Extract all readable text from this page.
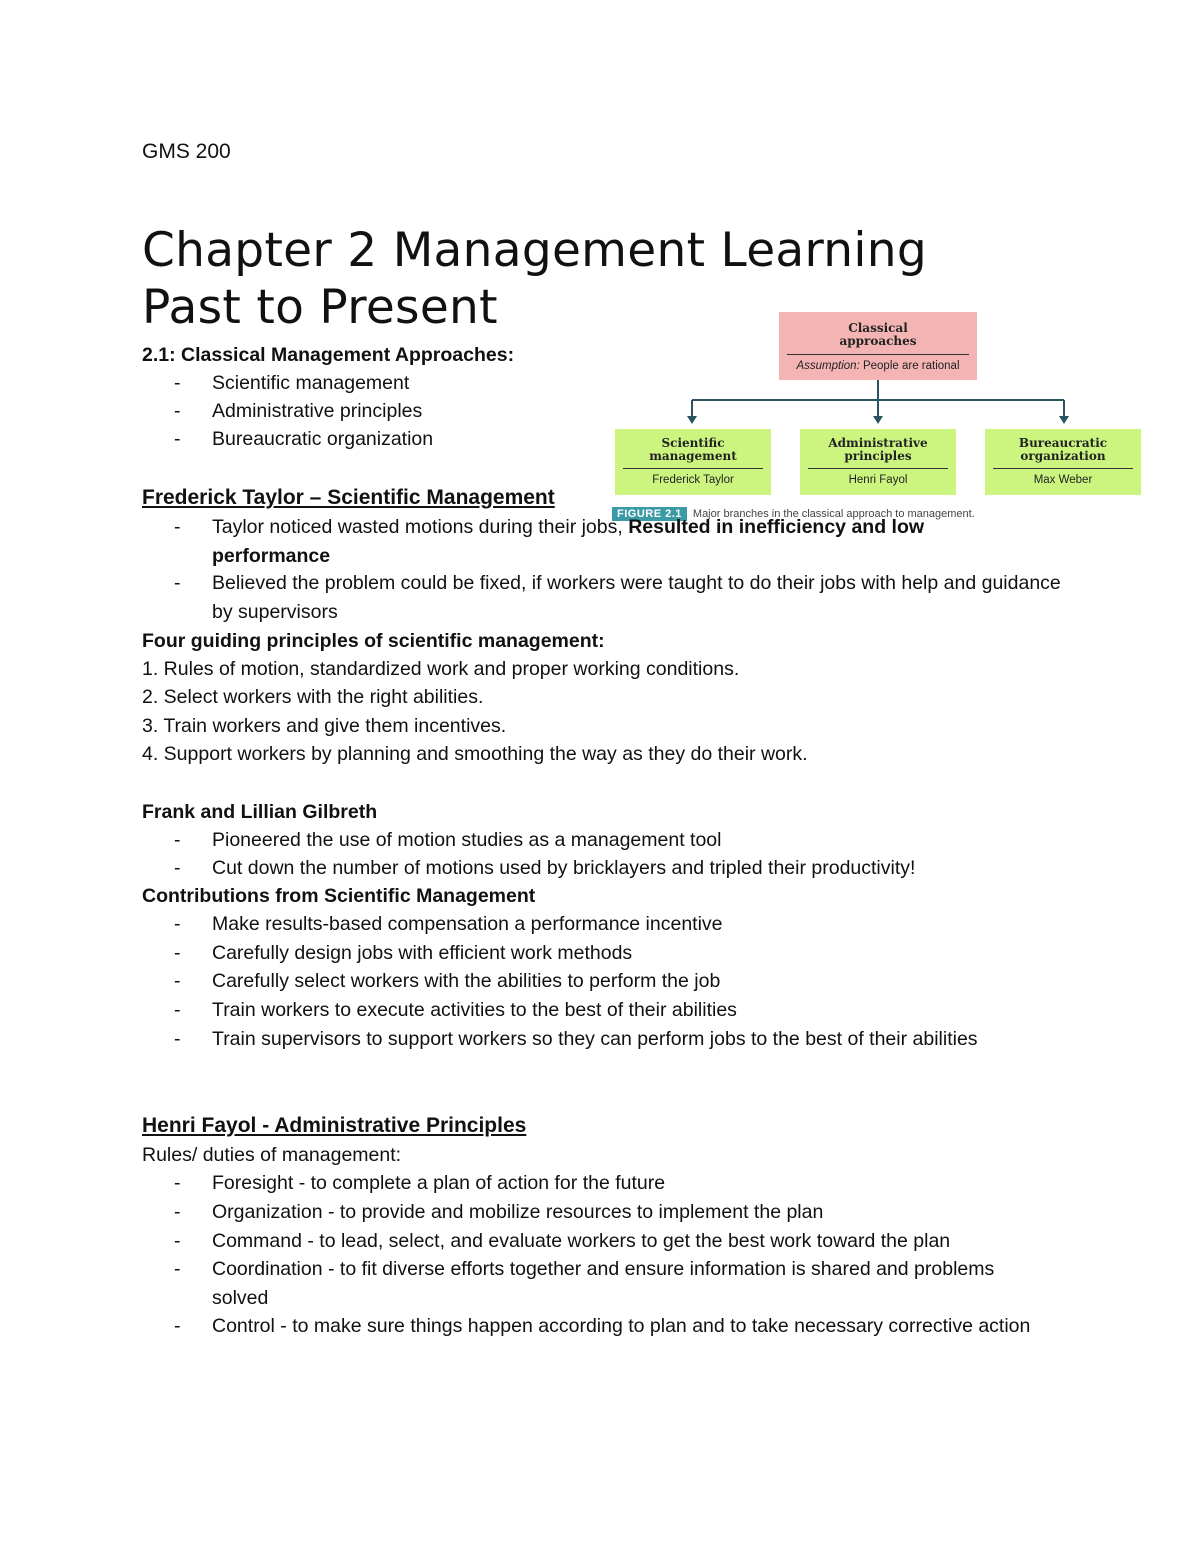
GMS 200
Chapter 2 Management Learning Past to Present
2.1: Classical Management Approaches:
- Scientific management
- Administrative principles
- Bureaucratic organization
Classical approaches
Assumption: People are rational
Scientific management
Frederick Taylor
Administrative principles
Henri Fayol
Bureaucratic organization
Max Weber
FIGURE 2.1 Major branches in the classical approach to management.
Frederick Taylor – Scientific Management
- Taylor noticed wasted motions during their jobs, Resulted in inefficiency and low performance
- Believed the problem could be fixed, if workers were taught to do their jobs with help and guidance by supervisors
Four guiding principles of scientific management:
1. Rules of motion, standardized work and proper working conditions.
2. Select workers with the right abilities.
3. Train workers and give them incentives.
4. Support workers by planning and smoothing the way as they do their work.
Frank and Lillian Gilbreth
- Pioneered the use of motion studies as a management tool
- Cut down the number of motions used by bricklayers and tripled their productivity!
Contributions from Scientific Management
- Make results-based compensation a performance incentive
- Carefully design jobs with efficient work methods
- Carefully select workers with the abilities to perform the job
- Train workers to execute activities to the best of their abilities
- Train supervisors to support workers so they can perform jobs to the best of their abilities
Henri Fayol - Administrative Principles
Rules/ duties of management:
- Foresight - to complete a plan of action for the future
- Organization - to provide and mobilize resources to implement the plan
- Command - to lead, select, and evaluate workers to get the best work toward the plan
- Coordination - to fit diverse efforts together and ensure information is shared and problems solved
- Control - to make sure things happen according to plan and to take necessary corrective action
